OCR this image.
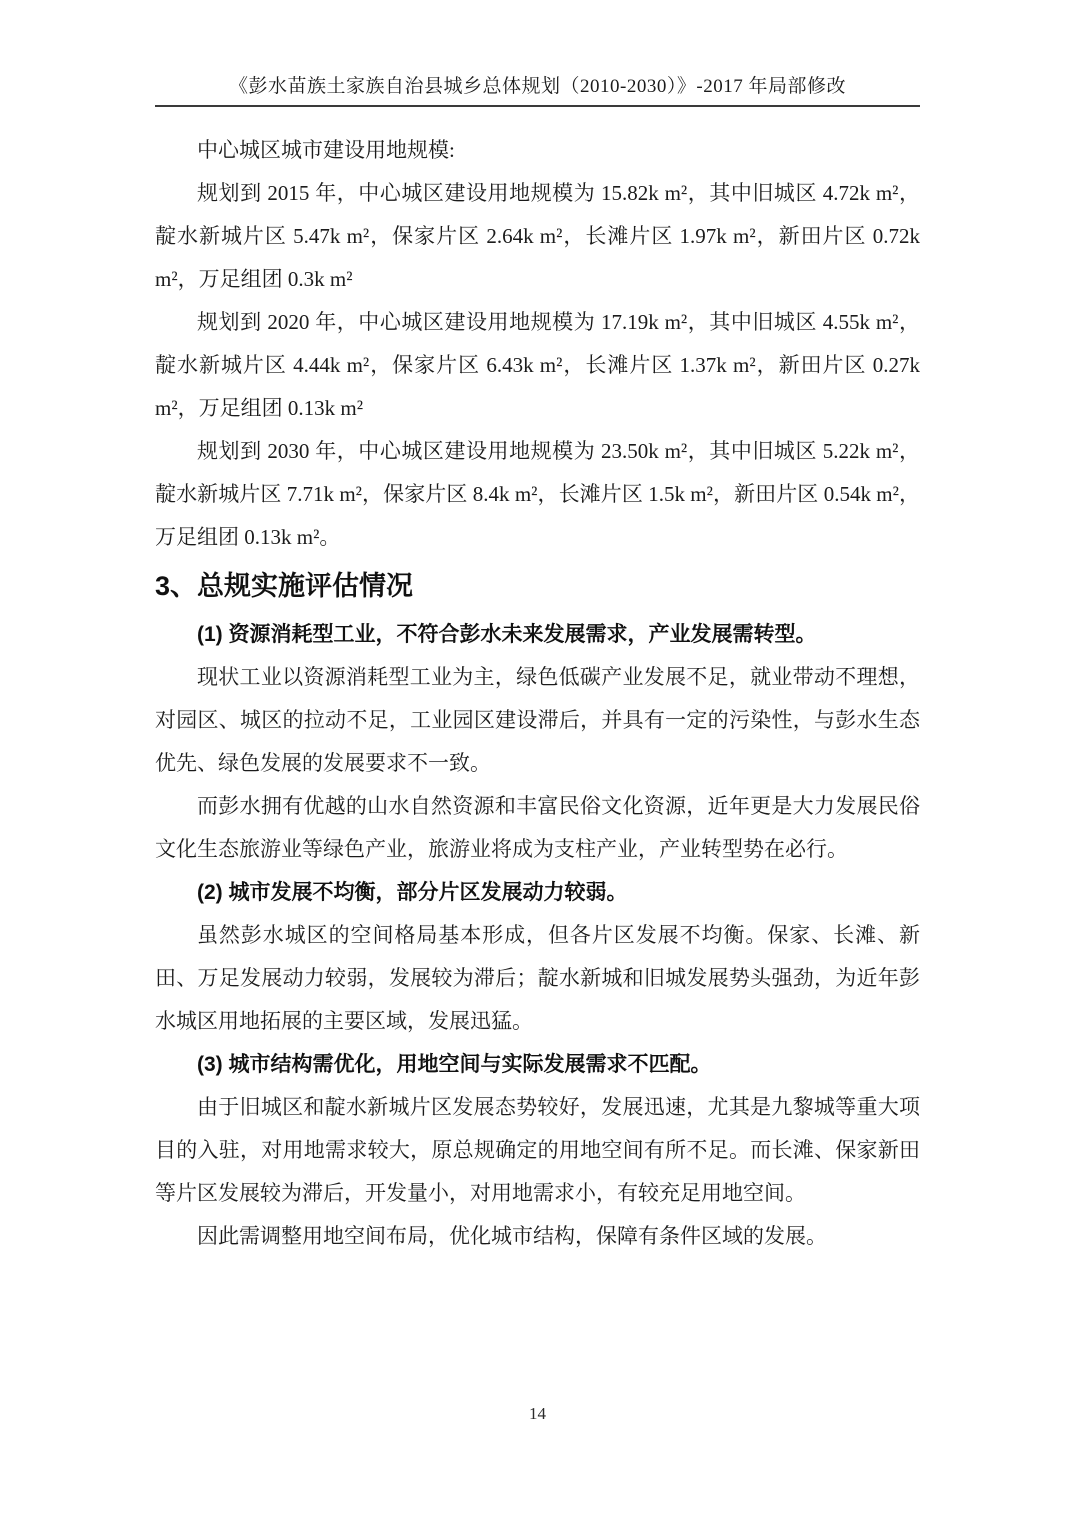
《彭水苗族土家族自治县城乡总体规划（2010-2030）》-2017 年局部修改

中心城区城市建设用地规模:

规划到 2015 年，中心城区建设用地规模为 15.82k m²，其中旧城区 4.72k m²，靛水新城片区 5.47k m²，保家片区 2.64k m²，长滩片区 1.97k m²，新田片区 0.72k m²，万足组团 0.3k m²

规划到 2020 年，中心城区建设用地规模为 17.19k m²，其中旧城区 4.55k m²，靛水新城片区 4.44k m²，保家片区 6.43k m²，长滩片区 1.37k m²，新田片区 0.27k m²，万足组团 0.13k m²

规划到 2030 年，中心城区建设用地规模为 23.50k m²，其中旧城区 5.22k m²，靛水新城片区 7.71k m²，保家片区 8.4k m²，长滩片区 1.5k m²，新田片区 0.54k m²，万足组团 0.13k m²。

3、总规实施评估情况

(1) 资源消耗型工业，不符合彭水未来发展需求，产业发展需转型。

现状工业以资源消耗型工业为主，绿色低碳产业发展不足，就业带动不理想，对园区、城区的拉动不足，工业园区建设滞后，并具有一定的污染性，与彭水生态优先、绿色发展的发展要求不一致。

而彭水拥有优越的山水自然资源和丰富民俗文化资源，近年更是大力发展民俗文化生态旅游业等绿色产业，旅游业将成为支柱产业，产业转型势在必行。

(2) 城市发展不均衡，部分片区发展动力较弱。

虽然彭水城区的空间格局基本形成，但各片区发展不均衡。保家、长滩、新田、万足发展动力较弱，发展较为滞后；靛水新城和旧城发展势头强劲，为近年彭水城区用地拓展的主要区域，发展迅猛。

(3) 城市结构需优化，用地空间与实际发展需求不匹配。

由于旧城区和靛水新城片区发展态势较好，发展迅速，尤其是九黎城等重大项目的入驻，对用地需求较大，原总规确定的用地空间有所不足。而长滩、保家新田等片区发展较为滞后，开发量小，对用地需求小，有较充足用地空间。

因此需调整用地空间布局，优化城市结构，保障有条件区域的发展。

14
